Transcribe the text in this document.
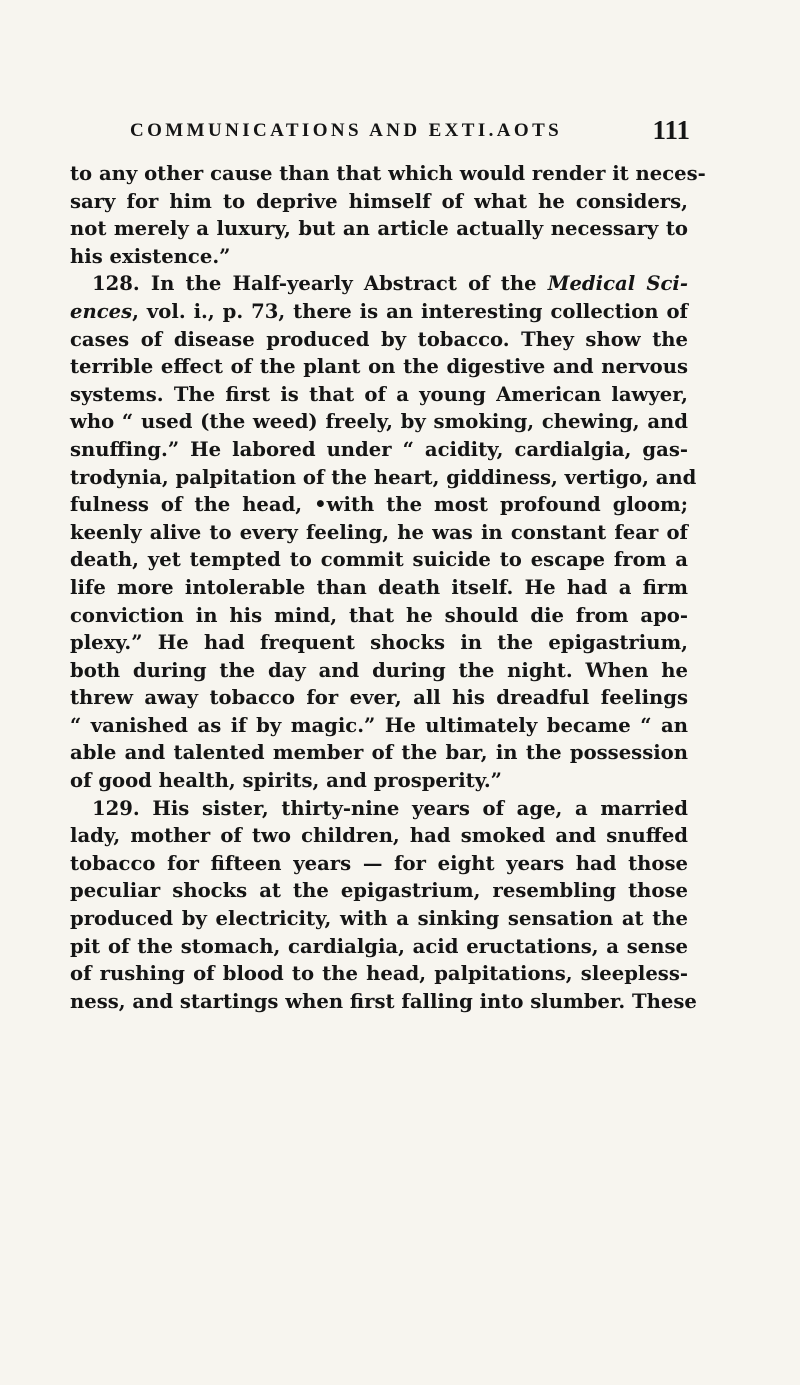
COMMUNICATIONS AND EXTI.AOTS	111
to any other cause than that which would render it neces-
sary for him to deprive himself of what he considers,
not merely a luxury, but an article actually necessary to
his existence.”
128. In the Half-yearly Abstract of the Medical Sci-
ences, vol. i., p. 73, there is an interesting collection of
cases of disease produced by tobacco. They show the
terrible effect of the plant on the digestive and nervous
systems. The first is that of a young American lawyer,
who “ used (the weed) freely, by smoking, chewing, and
snuffing.” He labored under “ acidity, cardialgia, gas-
trodynia, palpitation of the heart, giddiness, vertigo, and
fulness of the head, •with the most profound gloom;
keenly alive to every feeling, he was in constant fear of
death, yet tempted to commit suicide to escape from a
life more intolerable than death itself. He had a firm
conviction in his mind, that he should die from apo-
plexy.” He had frequent shocks in the epigastrium,
both during the day and during the night. When he
threw away tobacco for ever, all his dreadful feelings
“ vanished as if by magic.” He ultimately became “ an
able and talented member of the bar, in the possession
of good health, spirits, and prosperity.”
129. His sister, thirty-nine years of age, a married
lady, mother of two children, had smoked and snuffed
tobacco for fifteen years — for eight years had those
peculiar shocks at the epigastrium, resembling those
produced by electricity, with a sinking sensation at the
pit of the stomach, cardialgia, acid eructations, a sense
of rushing of blood to the head, palpitations, sleepless-
ness, and startings when first falling into slumber. These
